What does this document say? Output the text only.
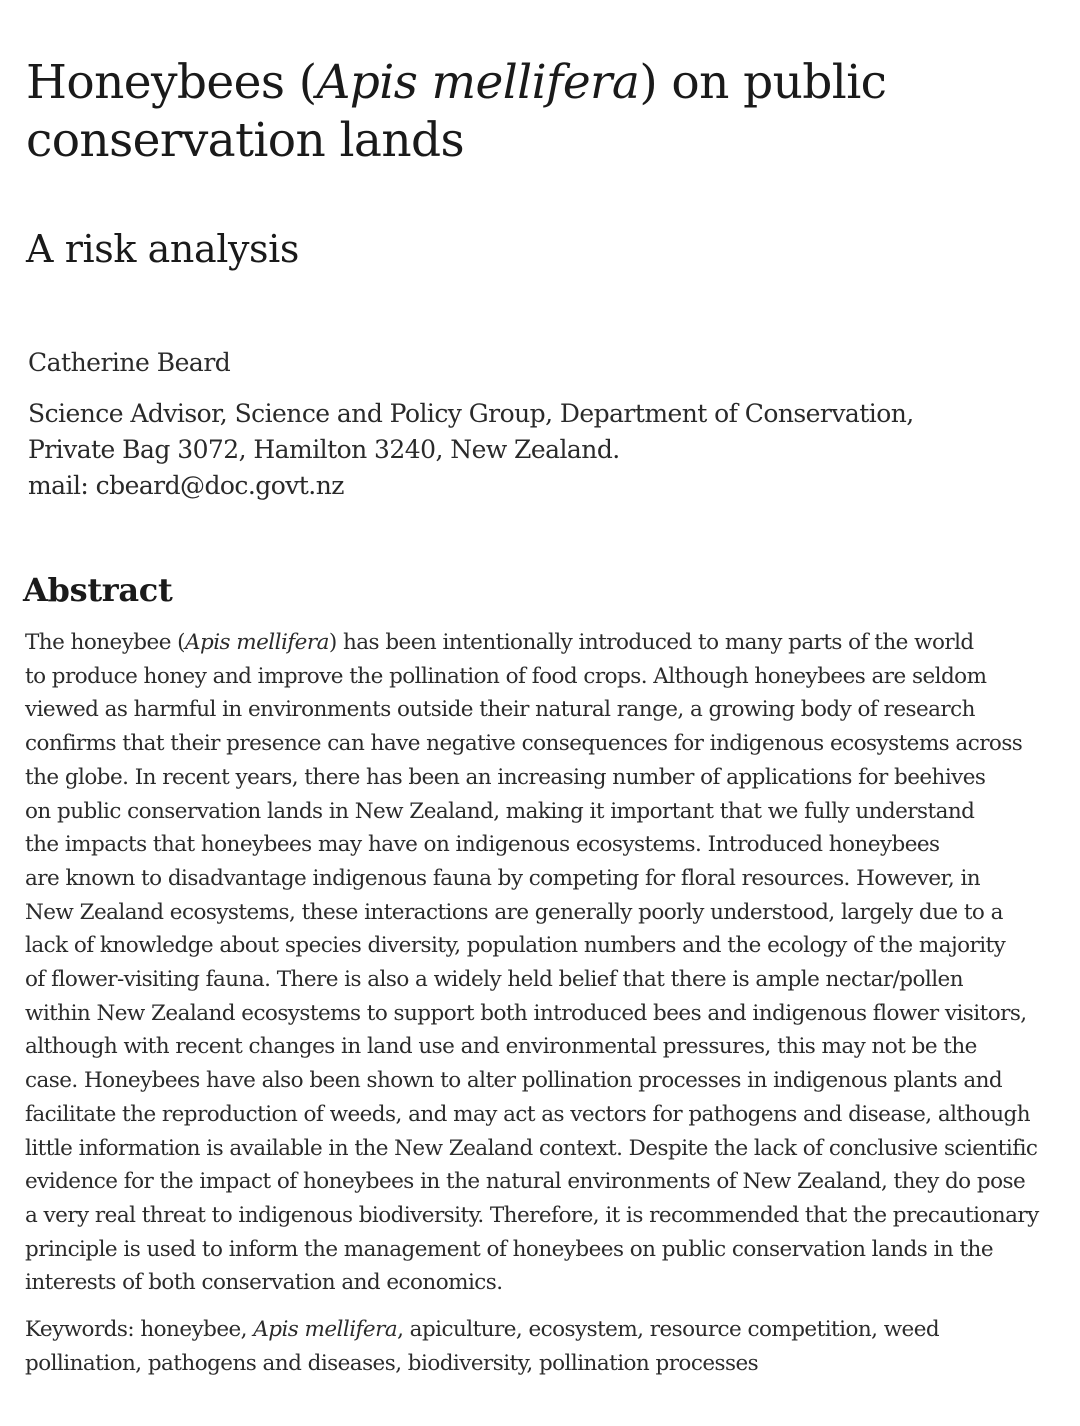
Honeybees (Apis mellifera) on public
conservation lands
A risk analysis

Catherine Beard

Science Advisor, Science and Policy Group, Department of Conservation,
Private Bag 3072, Hamilton 3240, New Zealand.
mail: cbeard@doc.govt.nz

Abstract
The honeybee (Apis mellifera) has been intentionally introduced to many parts of the world
to produce honey and improve the pollination of food crops. Although honeybees are seldom
viewed as harmful in environments outside their natural range, a growing body of research
confirms that their presence can have negative consequences for indigenous ecosystems across
the globe. In recent years, there has been an increasing number of applications for beehives
on public conservation lands in New Zealand, making it important that we fully understand
the impacts that honeybees may have on indigenous ecosystems. Introduced honeybees
are known to disadvantage indigenous fauna by competing for floral resources. However, in
New Zealand ecosystems, these interactions are generally poorly understood, largely due to a
lack of knowledge about species diversity, population numbers and the ecology of the majority
of flower-visiting fauna. There is also a widely held belief that there is ample nectar/pollen
within New Zealand ecosystems to support both introduced bees and indigenous flower visitors,
although with recent changes in land use and environmental pressures, this may not be the
case. Honeybees have also been shown to alter pollination processes in indigenous plants and
facilitate the reproduction of weeds, and may act as vectors for pathogens and disease, although
little information is available in the New Zealand context. Despite the lack of conclusive scientific
evidence for the impact of honeybees in the natural environments of New Zealand, they do pose
a very real threat to indigenous biodiversity. Therefore, it is recommended that the precautionary
principle is used to inform the management of honeybees on public conservation lands in the
interests of both conservation and economics.
Keywords: honeybee, Apis mellifera, apiculture, ecosystem, resource competition, weed
pollination, pathogens and diseases, biodiversity, pollination processes
